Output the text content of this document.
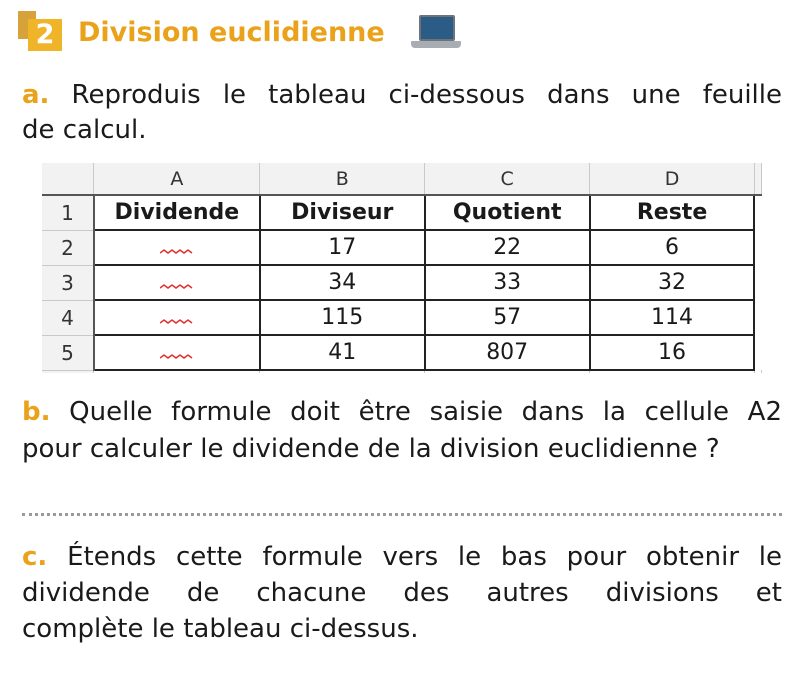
2 Division euclidienne
a. Reproduis le tableau ci-dessous dans une feuille
de calcul.
	A	B	C	D	
1	Dividende	Diviseur	Quotient	Reste	
2		17	22	6	
3		34	33	32	
4		115	57	114	
5		41	807	16	

b. Quelle formule doit être saisie dans la cellule A2
pour calculer le dividende de la division euclidienne ?
c. Étends cette formule vers le bas pour obtenir le
dividende de chacune des autres divisions et
complète le tableau ci-dessus.
